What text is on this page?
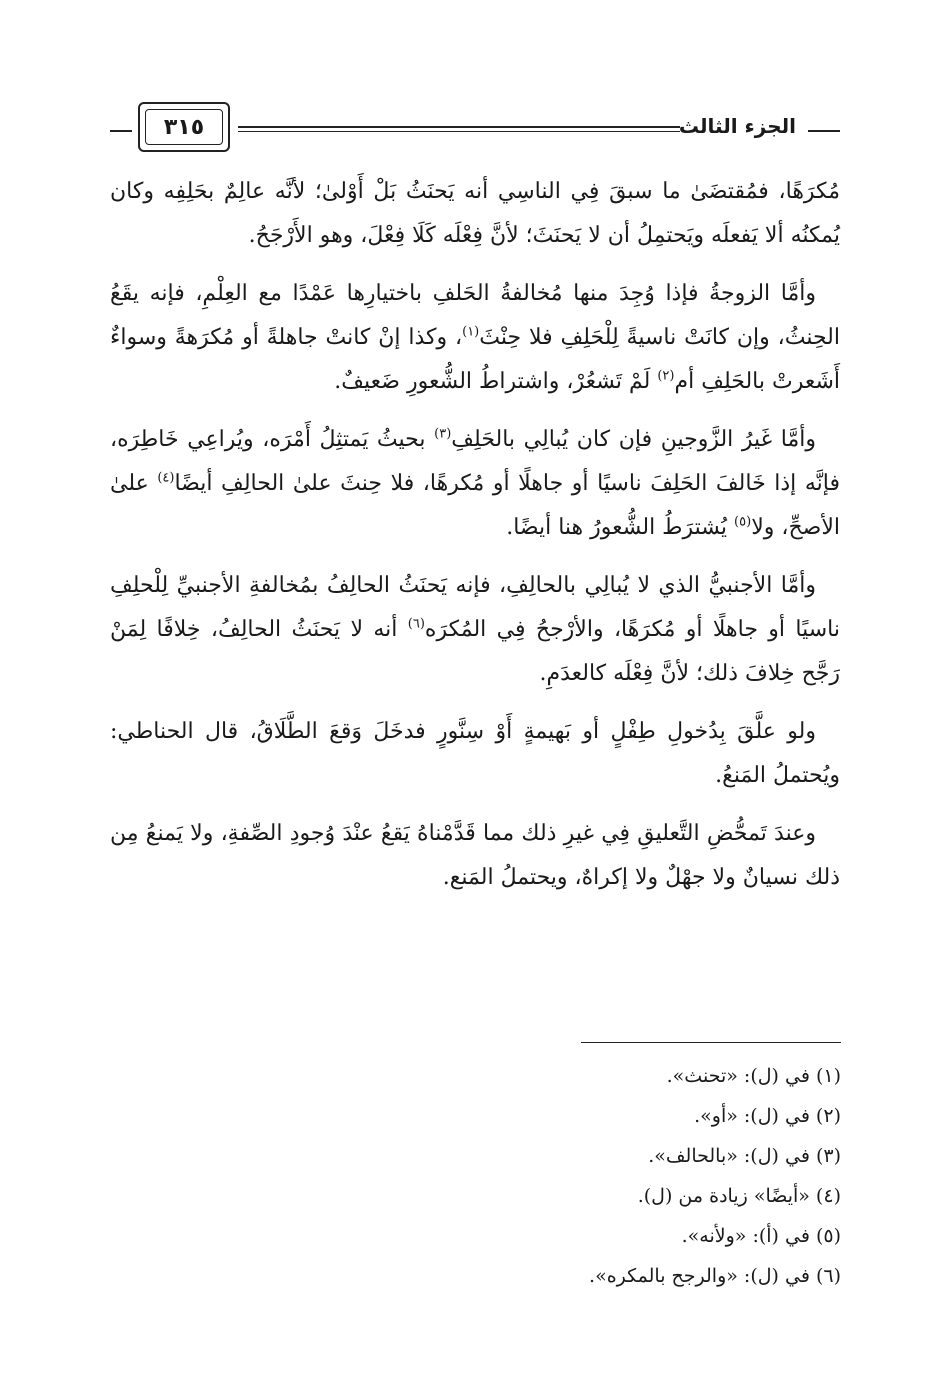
الجزء الثالث
٣١٥

مُكرَهًا، فمُقتضَىٰ ما سبقَ فِي الناسِي أنه يَحنَثُ بَلْ أَوْلىٰ؛ لأنَّه عالِمٌ بحَلِفِه وكان يُمكنُه ألا يَفعلَه ويَحتمِلُ أن لا يَحنَثَ؛ لأنَّ فِعْلَه كَلَا فِعْلَ، وهو الأَرْجَحُ.

وأمَّا الزوجةُ فإذا وُجِدَ منها مُخالفةُ الحَلفِ باختيارِها عَمْدًا مع العِلْمِ، فإنه يقَعُ الحِنثُ، وإن كانَتْ ناسيةً لِلْحَلِفِ فلا حِنْثَ$^{(١)}$، وكذا إنْ كانتْ جاهلةً أو مُكرَهةً وسواءٌ أَشَعرتْ بالحَلِفِ أم$^{(٢)}$ لَمْ تَشعُرْ، واشتراطُ الشُّعورِ ضَعيفٌ.

وأمَّا غَيرُ الزَّوجينِ فإن كان يُبالِي بالحَلِفِ$^{(٣)}$ بحيثُ يَمتثِلُ أَمْرَه، ويُراعِي خَاطِرَه، فإنَّه إذا خَالفَ الحَلِفَ ناسيًا أو جاهلًا أو مُكرهًا، فلا حِنثَ علىٰ الحالِفِ أيضًا$^{(٤)}$ علىٰ الأصحِّ، ولا$^{(٥)}$ يُشترَطُ الشُّعورُ هنا أيضًا.

وأمَّا الأجنبيُّ الذي لا يُبالِي بالحالِفِ، فإنه يَحنَثُ الحالِفُ بمُخالفةِ الأجنبيِّ لِلْحلِفِ ناسيًا أو جاهلًا أو مُكرَهًا، والأرْجحُ فِي المُكرَه$^{(٦)}$ أنه لا يَحنَثُ الحالِفُ، خِلافًا لِمَنْ رَجَّح خِلافَ ذلك؛ لأنَّ فِعْلَه كالعدَمِ.

ولو علَّقَ بِدُخولِ طِفْلٍ أو بَهيمةٍ أَوْ سِنَّورٍ فدخَلَ وَقعَ الطَّلَاقُ، قال الحناطي: ويُحتملُ المَنعُ.

وعندَ تَمحُّضِ التَّعليقِ فِي غيرِ ذلك مما قَدَّمْناهُ يَقعُ عنْدَ وُجودِ الصِّفةِ، ولا يَمنعُ مِن ذلك نسيانٌ ولا جهْلٌ ولا إكراهٌ، ويحتملُ المَنع.

(١) في (ل): «تحنث».
(٢) في (ل): «أو».
(٣) في (ل): «بالحالف».
(٤) «أيضًا» زيادة من (ل).
(٥) في (أ): «ولأنه».
(٦) في (ل): «والرجح بالمكره».
